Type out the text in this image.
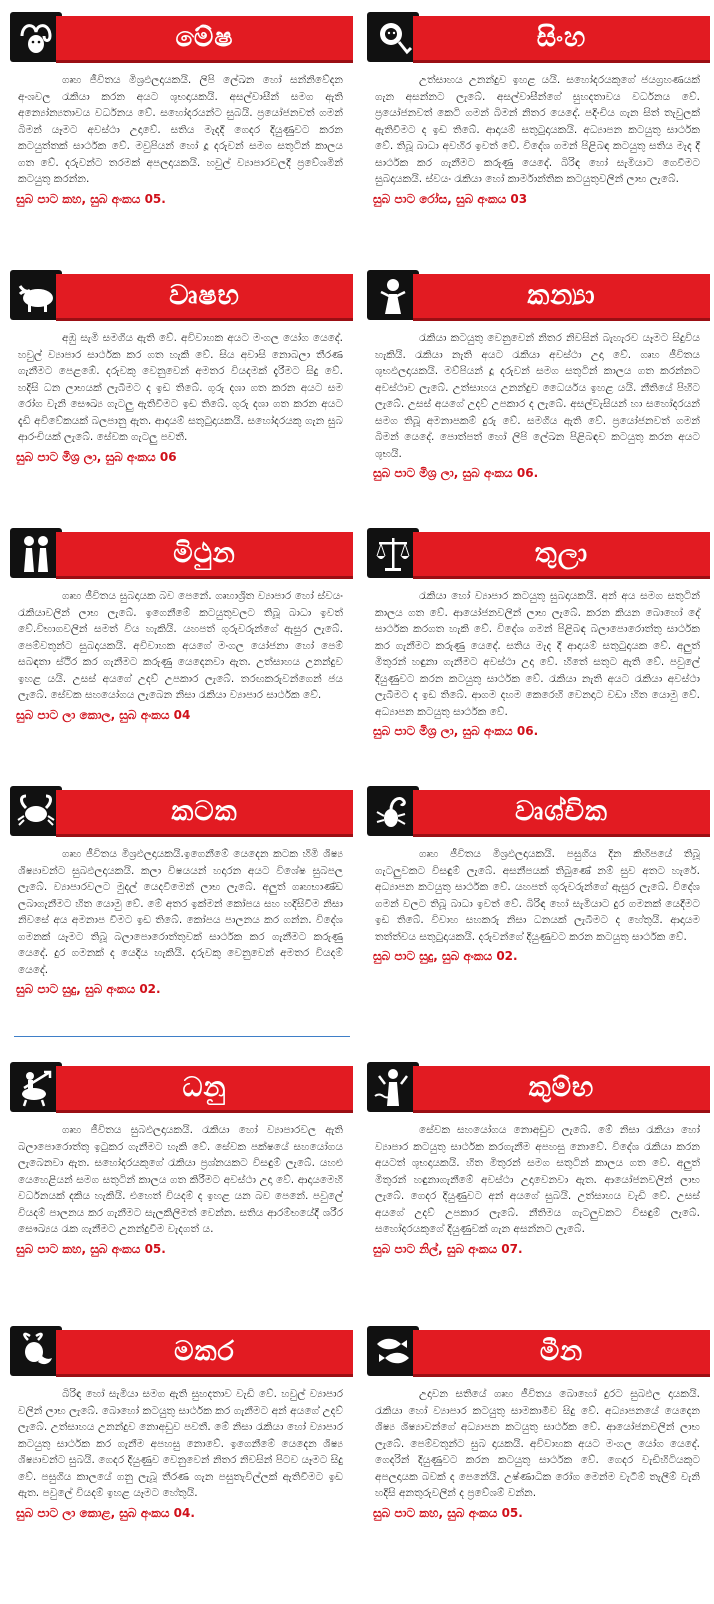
මේෂ

ගෘහ ජීවිතය මිශ්‍රඵලදායකයි. ලිපි ලේඛන හෝ සන්නිවේදන අංශවල රැකියා කරන අයට ශුභදායකයි. අසල්වාසීන් සමග ඇති අන්‍යෝන්‍යතාවය වර්ධනය වේ. සහෝදරයන්ට සුබයි. ප්‍රයෝජනවත් ගමන් බිමන් යෑමට අවස්ථා උදාවේ. සතිය මැදදී ගෙදර දියුණුවට කරන කටයුත්තක් සාර්ථක වේ. මවුපියන් හෝ දූ දරුවන් සමග සතුටින් කාලය ගත වේ. දරුවන්ට තරමක් අපලදායකයි. හවුල් ව්‍යාපාරවලදී ප්‍රවේශමින් කටයුතු කරන්න.

සුබ පාට කහ, සුබ අංකය 05.
සිංහ

උත්සාහය උනන්දුව ඉහළ යයි. සහෝදරයකුගේ ජයග්‍රහණයක් ගැන අසන්නට ලැබේ. අසල්වාසීන්ගේ සුහදතාවය වර්ධනය වේ. ප්‍රයෝජනවත් කෙටි ගමන් බිමන් නිතර යෙදේ. පදිංචිය ගැන සිත් තැවුලක් ඇතිවීමට ද ඉඩ තිබේ. ආදායම් සතුටුදායකයි. අධ්‍යාපන කටයුතු සාර්ථක වේ. තිබූ බාධා අවහිර ඉවත් වේ. විදේශ ගමන් පිළිබඳ කටයුතු සතිය මැද දී සාර්ථක කර ගැනීමට කරුණු යෙදේ. බිරිඳ හෝ සැමියාට ගෙවීමට සුබදායකයි. ස්වයං රැකියා හෝ කාර්මාන්තික කටයුතුවලින් ලාභ ලැබේ.

සුබ පාට රෝස, සුබ අංකය 03
වෘෂභ

අඹු සැමි සමගිය ඇති වේ. අවිවාහක අයට මංගල යෝග යෙදේ. හවුල් ව්‍යාපාර සාර්ථක කර ගත හැකි වේ. සිය අවාසි නොබලා තීරණ ගැනීමට පෙළඹේ. දරුවකු වෙනුවෙන් අමතර වියදමක් දැරීමට සිදු වේ. හදිසි ධන ලාභයක් ලැබීමට ද ඉඩ තිබේ. ගුරු දශා ගත කරන අයට සම රෝග වැනි සෞඛ්‍ය ගැටලු ඇතිවීමට ඉඩ තිබේ. ගුරු දශා ගත කරන අයට දැඩි අවිවේකයක් බලපානු ඇත. ආදායම් සතුටුදායකයි. සහෝදරයකු ගැන සුබ ආරංචියක් ලැබේ. සේවක ගැටලු පවතී.

සුබ පාට මිශ්‍ර ලා, සුබ අංකය 06
කන්‍යා

රැකියා කටයුතු වෙනුවෙන් නිතර නිවසින් බැහැරව යෑමට සිදුවිය හැකියි. රැකියා නැති අයට රැකියා අවස්ථා උදා වේ. ගෘහ ජීවිතය ශුභඵලදායකයි. මව්පියන් දූ දරුවන් සමග සතුටින් කාලය ගත කරන්නට අවස්ථාව ලැබේ. උත්සාහය උනන්දුව ධෛර්යය ඉහළ යයි. නීතියේ පිහිට ලැබේ. උසස් අයගේ උදව් උපකාර ද ලැබේ. අසල්වැසියන් හා සහෝදරයන් සමග තිබූ අමනාපකම් දුරු වේ. සමගිය ඇති වේ. ප්‍රයෝජනවත් ගමන් බිමන් යෙදේ. පොත්පත් හෝ ලිපි ලේඛන පිළිබඳව කටයුතු කරන අයට ශුභයි.

සුබ පාට මිශ්‍ර ලා, සුබ අංකය 06.
මිථුන

ගෘහ ජීවිතය සුබදායක බව පෙනේ. ගෘහාශ්‍රිත ව්‍යාපාර හෝ ස්වයං රැකියාවලින් ලාභ ලැබේ. ඉගෙනීමේ කටයුතුවලට තිබූ බාධා ඉවත් වේ.විභාගවලින් සමත් විය හැකියි. යහපත් ගුරුවරුන්ගේ ඇසුර ලැබේ. පෙම්වතුන්ට සුබදායකයි. අවිවාහක අයගේ මංගල යෝජනා හෝ පෙම් සබඳතා ස්ථිර කර ගැනීමට කරුණු යෙදෙනවා ඇත. උත්සාහය උනන්දුව ඉහළ යයි. උසස් අයගේ උදව් උපකාර ලැබේ. තරඟකරුවන්ගෙන් ජය ලැබේ. සේවක සහයෝගය ලැබෙන නිසා රැකියා ව්‍යාපාර සාර්ථක වේ.

සුබ පාට ලා කොල, සුබ අංකය 04
තුලා

රැකියා හෝ ව්‍යාපාර කටයුතු සුබදායකයි. අන් අය සමග සතුටින් කාලය ගත වේ. ආයෝජනවලින් ලාභ ලැබේ. කරන කියන බොහෝ දේ සාර්ථක කරගත හැකි වේ. විදේශ ගමන් පිළිබඳ බලාපොරොත්තු සාර්ථක කර ගැනීමට කරුණු යෙදේ. සතිය මැද දී ආදායම් සතුටුදායක වේ. අලුත් මිතුරන් හඳුනා ගැනීමට අවස්ථා උදා වේ. හිතේ සතුට ඇති වේ. පවුලේ දියුණුවට කරන කටයුතු සාර්ථක වේ. රැකියා නැති අයට රැකියා අවස්ථා ලැබීමට ද ඉඩ තිබේ. ආගම දහම කෙරෙහි වෙනදාට වඩා හිත යොමු වේ. අධ්‍යාපන කටයුතු සාර්ථක වේ.

සුබ පාට මිශ්‍ර ලා, සුබ අංකය 06.
කටක

ගෘහ ජීවිතය මිශ්‍රඵලදායකයි.ඉගෙනීමේ යෙදෙන කටක හිමි ශිෂ්‍ය ශිෂ්‍යාවන්ට සුබඵලදායකයි. කලා විෂයයන් හදාරන අයට විශේෂ සුබපල ලැබේ. ව්‍යාපාරවලට මුදල් යෙදවීමෙන් ලාභ ලැබේ. අලුත් ගෘහභාණ්ඩ ලබාගැනීමට හිත යොමු වේ. මේ අතර ඉක්මන් කෝපය සහ හදිසිවීම නිසා නිවසේ අය අමනාප වීමට ඉඩ තිබේ. කෝපය පාලනය කර ගන්න. විදේශ ගමනක් යෑමට තිබූ බලාපොරොත්තුවක් සාර්ථක කර ගැනීමට කරුණු යෙදේ. දුර ගමනක් ද යෙදිය හැකියි. දරුවකු වෙනුවෙන් අමතර වියදම් යෙදේ.

සුබ පාට සුදු, සුබ අංකය 02.
වෘශ්චික

ගෘහ ජීවිතය මිශ්‍රඵලදායකයි. පසුගිය දින කිහිපයේ තිබූ ගැටලුවකට විසඳුම් ලැබේ. අසනීපයක් තිබුණේ නම් සුව අතට හැරේ. අධ්‍යාපන කටයුතු සාර්ථක වේ. යහපත් ගුරුවරුන්ගේ ඇසුර ලැබේ. විදේශ ගමන් වලට තිබූ බාධා ඉවත් වේ. බිරිඳ හෝ සැමියාට දුර ගමනක් යෙදීමට ඉඩ තිබේ. විවාහ සහකරු නිසා ධනයක් ලැබීමට ද හේතුයි. ආදායම තත්ත්වය සතුටුදායකයි. දරුවන්ගේ දියුණුවට කරන කටයුතු සාර්ථක වේ.

සුබ පාට සුදු, සුබ අංකය 02.
ධනු

ගෘහ ජීවිතය සුබඵලදායකයි. රැකියා හෝ ව්‍යාපාරවල ඇති බලාපොරොත්තු ඉටුකර ගැනීමට හැකි වේ. සේවක පක්ෂයේ සහයෝගය ලැබෙනවා ඇත. සහෝදරයකුගේ රැකියා ප්‍රශ්නයකට විසඳුම් ලැබේ. යහළු යෙහෙළියන් සමග සතුටින් කාලය ගත කිරීමට අවස්ථා උදා වේ. ආදායමෙහි වර්ධනයක් දකිය හැකියි. එහෙත් වියදම් ද ඉහළ යන බව පෙනේ. පවුලේ වියදම් පාලනය කර ගැනීමට සැලකිලිමත් වෙන්න. සතිය ආරම්භයේදී ශරීර සෞඛ්‍යය රැක ගැනීමට උනන්දුවීම වැදගත් ය.

සුබ පාට කහ, සුබ අංකය 05.
කුම්භ

සේවක සහයෝගය නොඅඩුව ලැබේ. මේ නිසා රැකියා හෝ ව්‍යාපාර කටයුතු සාර්ථක කරගැනීම අපහසු නොවේ. විදේශ රැකියා කරන අයටත් ශුභදායකයි. හිත මිතුරන් සමග සතුටින් කාලය ගත වේ. අලුත් මිතුරන් හඳුනාගැනීමේ අවස්ථා උදාවෙනවා ඇත. ආයෝජනවලින් ලාභ ලැබේ. ගෙදර දියුණුවට අන් අයගේ සුබයි. උත්සාහය වැඩි වේ. උසස් අයගේ උදව් උපකාර ලැබේ. නීතිමය ගැටලුවකට විසඳුම් ලැබේ. සහෝදරයකුගේ දියුණුවක් ගැන අසන්නට ලැබේ.

සුබ පාට නිල්, සුබ අංකය 07.
මකර

බිරිඳ හෝ සැමියා සමග ඇති සුහදතාව වැඩි වේ. හවුල් ව්‍යාපාර වලින් ලාභ ලැබේ. බොහෝ කටයුතු සාර්ථක කර ගැනීමට අන් අයගේ උදව් ලැබේ. උත්සාහය උනන්දුව නොඅඩුව පවතී. මේ නිසා රැකියා හෝ ව්‍යාපාර කටයුතු සාර්ථක කර ගැනීම අපහසු නොවේ. ඉගෙනීමේ යෙදෙන ශිෂ්‍ය ශිෂ්‍යාවන්ට සුබයි. ගෙදර දියුණුව වෙනුවෙන් නිතර නිවසින් පිටව යෑමට සිදු වේ. පසුගිය කාලයේ ගනු ලැබූ තීරණ ගැන පසුතැවිල්ලක් ඇතිවීමට ඉඩ ඇත. පවුලේ වියදම් ඉහළ යෑමට හේතුයි.

සුබ පාට ලා කොළ, සුබ අංකය 04.
මීන

උදාවන සතියේ ගෘහ ජීවිතය බොහෝ දුරට සුබඵල දායකයි. රැකියා හෝ ව්‍යාපාර කටයුතු සාමකාමීව සිදු වේ. අධ්‍යාපනයේ යෙදෙන ශිෂ්‍ය ශිෂ්‍යාවන්ගේ අධ්‍යාපන කටයුතු සාර්ථක වේ. ආයෝජනවලින් ලාභ ලැබේ. පෙම්වතුන්ට සුබ දායකයි. අවිවාහක අයට මංගල යෝග යෙදේ. ගෙදරින් දියුණුවට කරන කටයුතු සාර්ථක වේ. ගෙදර වැඩිහිටියකුට අපලදායක බවක් ද පෙනේයි. උෂ්ණාධික රෝග මෙන්ම වැටීම් තැලීම් වැනි හදිසි අනතුරුවලින් ද ප්‍රවේශම් වන්න.

සුබ පාට කහ, සුබ අංකය 05.
